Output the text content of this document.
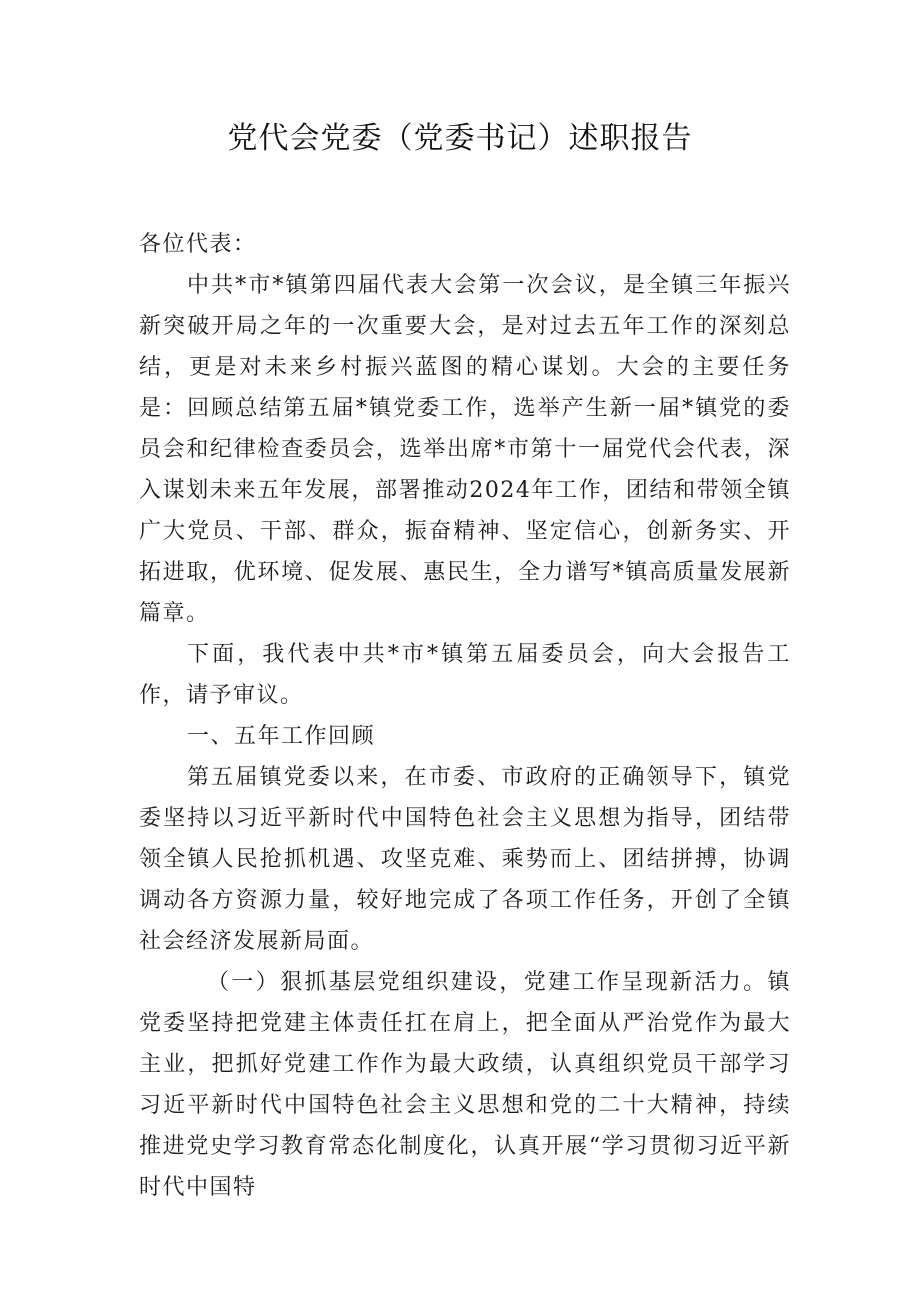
党代会党委（党委书记）述职报告

各位代表：

中共*市*镇第四届代表大会第一次会议，是全镇三年振兴新突破开局之年的一次重要大会，是对过去五年工作的深刻总结，更是对未来乡村振兴蓝图的精心谋划。大会的主要任务是：回顾总结第五届*镇党委工作，选举产生新一届*镇党的委员会和纪律检查委员会，选举出席*市第十一届党代会代表，深入谋划未来五年发展，部署推动2024年工作，团结和带领全镇广大党员、干部、群众，振奋精神、坚定信心，创新务实、开拓进取，优环境、促发展、惠民生，全力谱写*镇高质量发展新篇章。

下面，我代表中共*市*镇第五届委员会，向大会报告工作，请予审议。

一、五年工作回顾

第五届镇党委以来，在市委、市政府的正确领导下，镇党委坚持以习近平新时代中国特色社会主义思想为指导，团结带领全镇人民抢抓机遇、攻坚克难、乘势而上、团结拼搏，协调调动各方资源力量，较好地完成了各项工作任务，开创了全镇社会经济发展新局面。

（一）狠抓基层党组织建设，党建工作呈现新活力。镇党委坚持把党建主体责任扛在肩上，把全面从严治党作为最大主业，把抓好党建工作作为最大政绩，认真组织党员干部学习习近平新时代中国特色社会主义思想和党的二十大精神，持续推进党史学习教育常态化制度化，认真开展“学习贯彻习近平新时代中国特
